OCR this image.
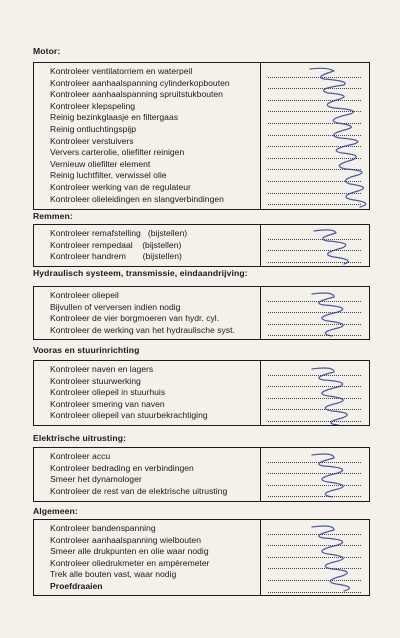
Motor:
Kontroleer ventilatorriem en waterpeil
Kontroleer aanhaalspanning cylinderkopbouten
Kontroleer aanhaalspanning spruitstukbouten
Kontroleer klepspeling
Reinig bezinkglaasje en filtergaas
Reinig ontluchtingspijp
Kontroleer verstuivers
Ververs carterolie, oliefilter reinigen
Vernieuw oliefilter element
Reinig luchtfilter, verwissel olie
Kontroleer werking van de regulateur
Kontroleer olieleidingen en slangverbindingen
Remmen:
Kontroleer remafstelling   (bijstellen)
Kontroleer rempedaal    (bijstellen)
Kontroleer handrem       (bijstellen)
Hydraulisch systeem, transmissie, eindaandrijving:
Kontroleer oliepeil
Bijvullen of verversen indien nodig
Kontroleer de vier borgmoeren van hydr. cyl.
Kontroleer de werking van het hydraulische syst.
Vooras en stuurinrichting
Kontroleer naven en lagers
Kontroleer stuurwerking
Kontroleer oliepeil in stuurhuis
Kontroleer smering van naven
Kontroleer oliepeil van stuurbekrachtiging
Elektrische uitrusting:
Kontroleer accu
Kontroleer bedrading en verbindingen
Smeer het dynamologer
Kontroleer de rest van de elektrische uitrusting
Algemeen:
Kontroleer bandenspanning
Kontroleer aanhaalspanning wielbouten
Smeer alle drukpunten en olie waar nodig
Kontroleer oliedrukmeter en ampèremeter
Trek alle bouten vast, waar nodig
Proefdraaien
